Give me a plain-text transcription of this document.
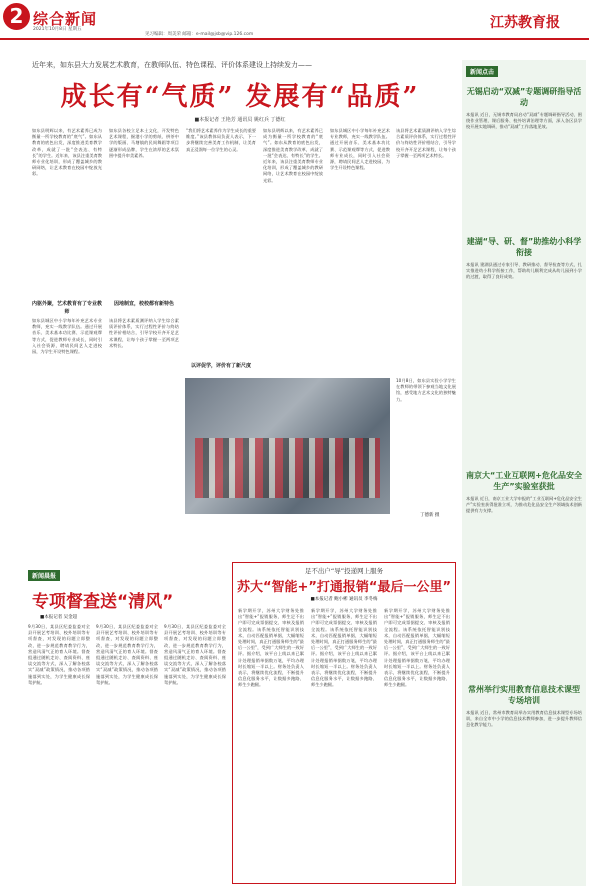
2 综合新闻
2021年10月8日 星期五
见习编辑：周美荣 邮箱：e-mail@jsb@vip.126.com
江苏教育报
近年来，如东县大力发展艺术教育，在教师队伍、特色课程、评价体系建设上持续发力——
成长有“气质” 发展有“品质”
■本报记者 王艳芳 通讯员 姚红兵 丁德红
如东县明辉以来，有艺术素养已成为衡量一所学校教育的“底气”。如东从教育的底色出发，深度推进美育教学改革，成就了一批“会表达、有特长”的学生。近年来，该县注重美育教师专业化培训，形成了覆盖城乡的教研网络，让艺术教育在校园中绽放光彩。
内驱外聚，艺术教育有了专业教师
如东县城区中小学每年补充艺术专业教师，充实一线教学队伍。通过开展音乐、美术基本功比赛、示范课观摩等方式，促进教师专业成长，同时引入社会资源，聘请民间艺人走进校园，为学生开设特色课程。
如东县各校立足本土文化，开发特色艺术课程，掘港小学的剪纸、栟茶中学的版画、马塘镇的民间舞蹈等项目逐渐形成品牌，学生在浓厚的艺术氛围中提升审美素养。
因地制宜，校校都有新特色
该县将艺术素质测评纳入学生综合素质评价体系，实行过程性评价与终结性评价相结合，引导学校开齐开足艺术课程，让每个孩子掌握一至两项艺术特长。
“我们将艺术素养作为学生成长的重要维度。”该县教体局负责人表示，下一步将继续完善美育工作机制，让美育真正浸润每一位学生的心灵。
以评促学，评价有了新尺度
如东县明辉以来，有艺术素养已成为衡量一所学校教育的“底气”。如东从教育的底色出发，深度推进美育教学改革，成就了一批“会表达、有特长”的学生。近年来，该县注重美育教师专业化培训，形成了覆盖城乡的教研网络，让艺术教育在校园中绽放光彩。
如东县城区中小学每年补充艺术专业教师，充实一线教学队伍。通过开展音乐、美术基本功比赛、示范课观摩等方式，促进教师专业成长，同时引入社会资源，聘请民间艺人走进校园，为学生开设特色课程。
该县将艺术素质测评纳入学生综合素质评价体系，实行过程性评价与终结性评价相结合，引导学校开齐开足艺术课程，让每个孩子掌握一至两项艺术特长。
10月8日，如东县实验小学学生在教师的带领下参观当地文化展馆，感受地方艺术文化的独特魅力。
丁德新 摄
新闻晨报
专项督查送“清风”
■本报记者 吴金超
9月30日，某县区纪委监委对全县开展艺考培训、校外培训等专项督查，对发现的问题立即整改，进一步规范教育教学行为，营造风清气正的育人环境。督查组通过随机走访、查阅资料、座谈交流等方式，深入了解各校落实“双减”政策情况，推动各项措施落到实处，为学生健康成长保驾护航。
9月30日，某县区纪委监委对全县开展艺考培训、校外培训等专项督查，对发现的问题立即整改，进一步规范教育教学行为，营造风清气正的育人环境。督查组通过随机走访、查阅资料、座谈交流等方式，深入了解各校落实“双减”政策情况，推动各项措施落到实处，为学生健康成长保驾护航。
9月30日，某县区纪委监委对全县开展艺考培训、校外培训等专项督查，对发现的问题立即整改，进一步规范教育教学行为，营造风清气正的育人环境。督查组通过随机走访、查阅资料、座谈交流等方式，深入了解各校落实“双减”政策情况，推动各项措施落到实处，为学生健康成长保驾护航。
足不出户“导”投递网上服务
苏大“智能+”打通报销“最后一公里”
■本报记者 鲍小彬 通讯员 李冬梅
新学期开学，苏州大学财务处推出“智能+”报销服务，师生足不出户即可完成票据提交、审核及报销全流程。该系统依托智能识别技术，自动匹配报销单据，大幅缩短处理时间，真正打通服务师生的“最后一公里”，受到广大师生的一致好评。据介绍，该平台上线以来已累计处理报销单据数万笔，平均办理时长缩短一半以上。财务处负责人表示，将继续优化流程，不断提升信息化服务水平，让数据多跑路、师生少跑腿。
新学期开学，苏州大学财务处推出“智能+”报销服务，师生足不出户即可完成票据提交、审核及报销全流程。该系统依托智能识别技术，自动匹配报销单据，大幅缩短处理时间，真正打通服务师生的“最后一公里”，受到广大师生的一致好评。据介绍，该平台上线以来已累计处理报销单据数万笔，平均办理时长缩短一半以上。财务处负责人表示，将继续优化流程，不断提升信息化服务水平，让数据多跑路、师生少跑腿。
新学期开学，苏州大学财务处推出“智能+”报销服务，师生足不出户即可完成票据提交、审核及报销全流程。该系统依托智能识别技术，自动匹配报销单据，大幅缩短处理时间，真正打通服务师生的“最后一公里”，受到广大师生的一致好评。据介绍，该平台上线以来已累计处理报销单据数万笔，平均办理时长缩短一半以上。财务处负责人表示，将继续优化流程，不断提升信息化服务水平，让数据多跑路、师生少跑腿。
新闻点击
无锡启动“双减”专题调研指导活动
本报讯 近日，无锡市教育局启动“双减”专题调研指导活动，围绕作业管理、课后服务、校外培训治理等方面，深入各区县学校开展实地调研，推动“双减”工作落地见效。
建湖“导、研、督”助推幼小科学衔接
本报讯 建湖县通过专家引导、教研推动、督导检查等方式，扎实推进幼小科学衔接工作，帮助幼儿顺利完成从幼儿园到小学的过渡，取得了良好成效。
南京大“工业互联网+危化品安全生产”实验室获批
本报讯 近日，南京工业大学申报的“工业互联网+危化品安全生产”实验室获得批准立项，为推动危化品安全生产领域技术创新提供有力支撑。
常州举行实用教育信息技术课型专场培训
本报讯 近日，常州市教育局举办实用教育信息技术课型专场培训，来自全市中小学的信息技术教师参加，进一步提升教师信息化教学能力。
